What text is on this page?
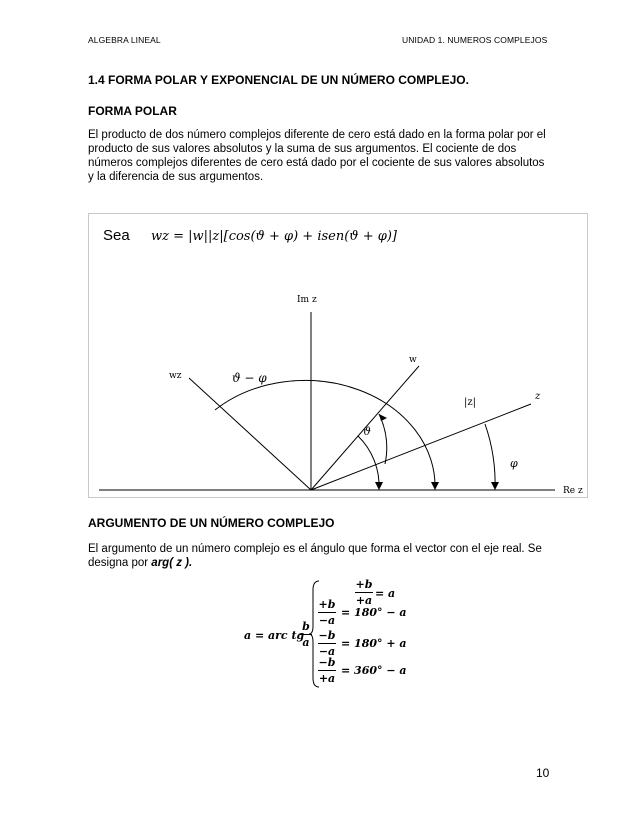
ALGEBRA LINEAL	UNIDAD 1. NUMEROS COMPLEJOS
1.4 FORMA POLAR Y EXPONENCIAL DE UN NÚMERO COMPLEJO.
FORMA POLAR
El producto de dos número complejos diferente de cero está dado en la forma polar por el
producto de sus valores absolutos y la suma de sus argumentos. El cociente de dos
números complejos diferentes de cero está dado por el cociente de sus valores absolutos
y la diferencia de sus argumentos.
Sea wz = |w||z|[cos(ϑ + φ) + isen(ϑ + φ)]
Im z
Re z
wz
w
z
|z|
ϑ − φ
ϑ
φ
ARGUMENTO DE UN NÚMERO COMPLEJO
El argumento de un número complejo es el ángulo que forma el vector con el eje real. Se
designa por arg( z ).
a = arc tg
b
a
+b
+a
= a
+b
−a
= 180° − a
−b
−a
= 180° + a
−b
+a
= 360° − a
10
